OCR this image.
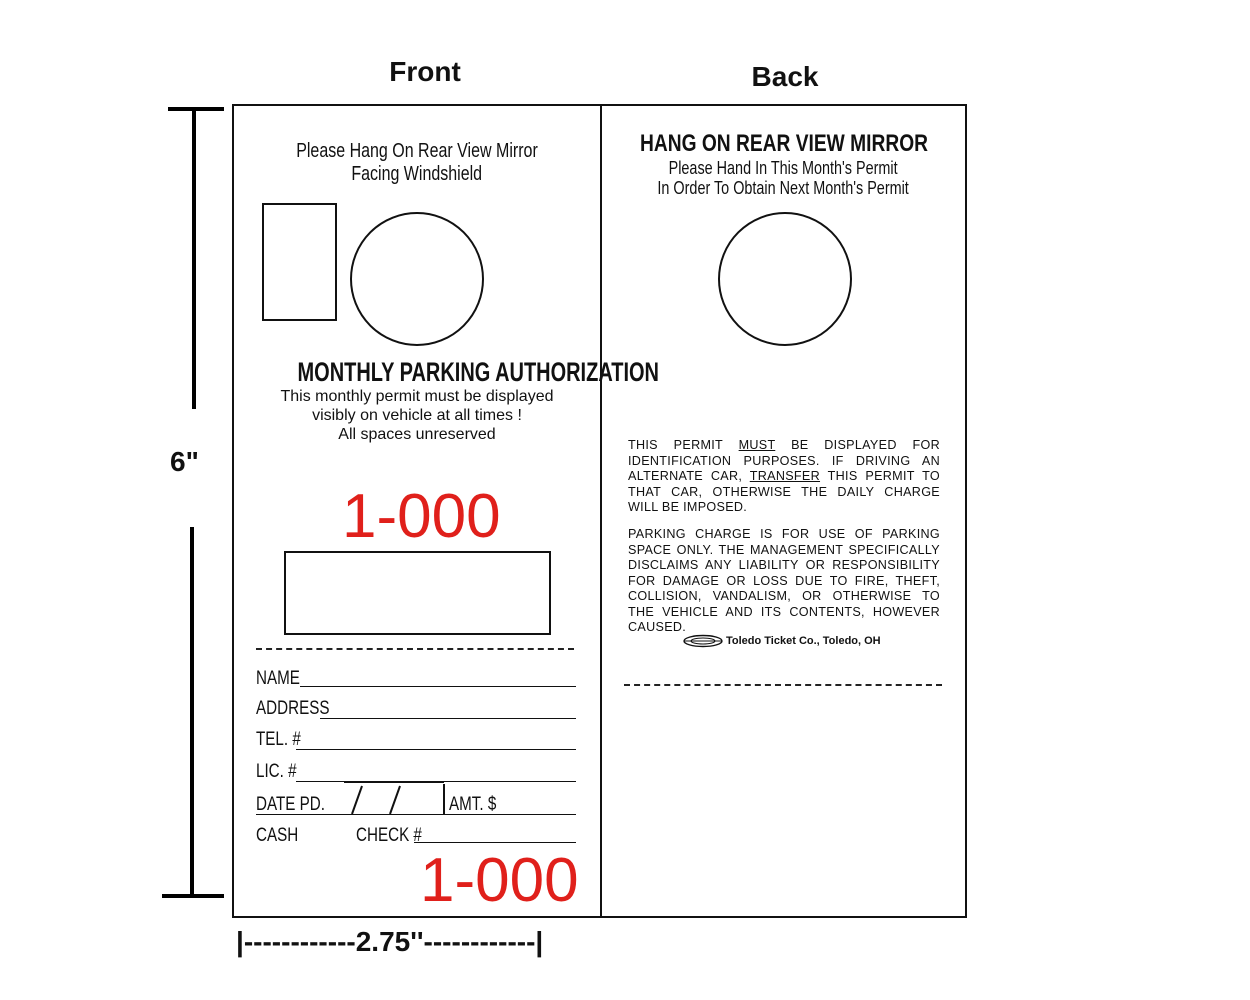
Front	Back
6"
|------------2.75''------------|
Please Hang On Rear View Mirror
Facing Windshield
MONTHLY PARKING AUTHORIZATION
This monthly permit must be displayed
visibly on vehicle at all times !
All spaces unreserved
1-000
NAME
ADDRESS
TEL. #
LIC. #
DATE PD.	AMT. $
CASH	CHECK #
1-000
HANG ON REAR VIEW MIRROR
Please Hand In This Month's Permit
In Order To Obtain Next Month's Permit
THIS PERMIT MUST BE DISPLAYED FOR IDENTIFICATION PURPOSES. IF DRIVING AN ALTERNATE CAR, TRANSFER THIS PERMIT TO THAT CAR, OTHERWISE THE DAILY CHARGE WILL BE IMPOSED.
PARKING CHARGE IS FOR USE OF PARKING SPACE ONLY. THE MANAGEMENT SPECIFICALLY DISCLAIMS ANY LIABILITY OR RESPONSIBILITY FOR DAMAGE OR LOSS DUE TO FIRE, THEFT, COLLISION, VANDALISM, OR OTHERWISE TO THE VEHICLE AND ITS CONTENTS, HOWEVER CAUSED.
Toledo Ticket Co., Toledo, OH
